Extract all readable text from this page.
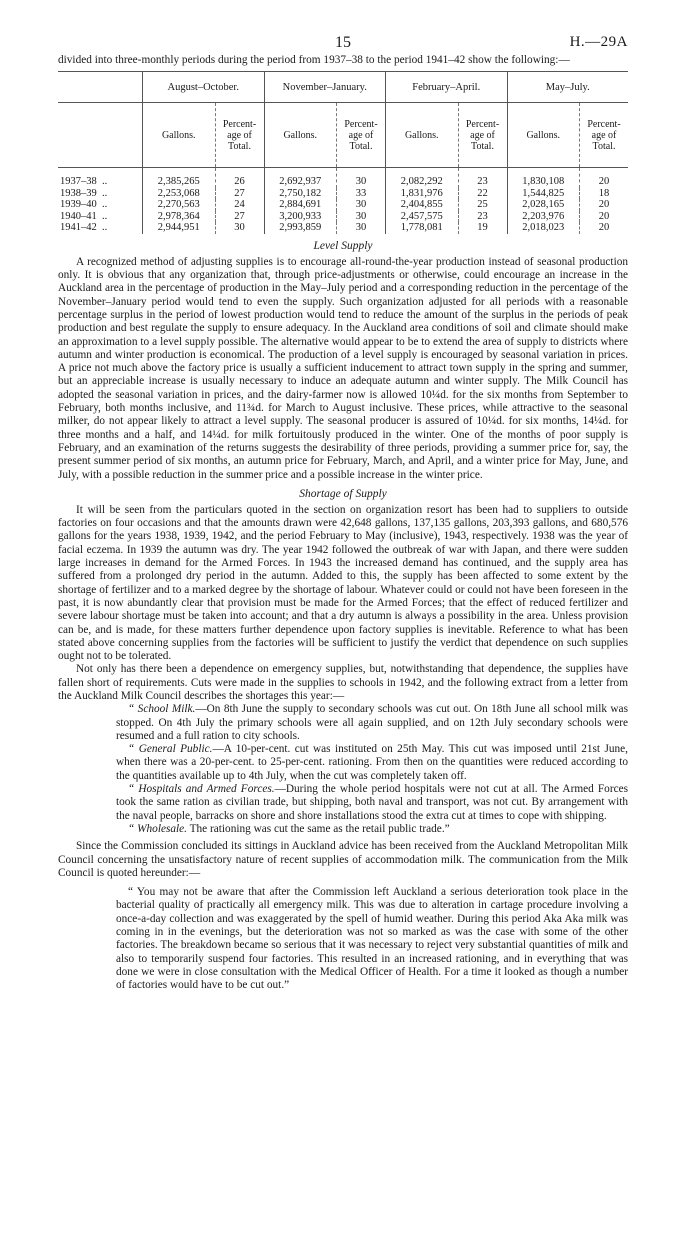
15	H.—29A

divided into three-monthly periods during the period from 1937–38 to the period 1941–42 show the following:—

	August–October.		November–January.		February–April.		May–July.	
	Gallons.	Percent-age of Total.	Gallons.	Percent-age of Total.	Gallons.	Percent-age of Total.	Gallons.	Percent-age of Total.
1937–38 ..	2,385,265	26	2,692,937	30	2,082,292	23	1,830,108	20
1938–39 ..	2,253,068	27	2,750,182	33	1,831,976	22	1,544,825	18
1939–40 ..	2,270,563	24	2,884,691	30	2,404,855	25	2,028,165	20
1940–41 ..	2,978,364	27	3,200,933	30	2,457,575	23	2,203,976	20
1941–42 ..	2,944,951	30	2,993,859	30	1,778,081	19	2,018,023	20
Level Supply

A recognized method of adjusting supplies is to encourage all-round-the-year production instead of seasonal production only. It is obvious that any organization that, through price-adjustments or otherwise, could encourage an increase in the Auckland area in the percentage of production in the May–July period and a corresponding reduction in the percentage of the November–January period would tend to even the supply. Such organization adjusted for all periods with a reasonable percentage surplus in the period of lowest production would tend to reduce the amount of the surplus in the periods of peak production and best regulate the supply to ensure adequacy. In the Auckland area conditions of soil and climate should make an approximation to a level supply possible. The alternative would appear to be to extend the area of supply to districts where autumn and winter production is economical. The production of a level supply is encouraged by seasonal variation in prices. A price not much above the factory price is usually a sufficient inducement to attract town supply in the spring and summer, but an appreciable increase is usually necessary to induce an adequate autumn and winter supply. The Milk Council has adopted the seasonal variation in prices, and the dairy-farmer now is allowed 10¼d. for the six months from September to February, both months inclusive, and 11¾d. for March to August inclusive. These prices, while attractive to the seasonal milker, do not appear likely to attract a level supply. The seasonal producer is assured of 10¼d. for six months, 14¼d. for three months and a half, and 14¼d. for milk fortuitously produced in the winter. One of the months of poor supply is February, and an examination of the returns suggests the desirability of three periods, providing a summer price for, say, the present summer period of six months, an autumn price for February, March, and April, and a winter price for May, June, and July, with a possible reduction in the summer price and a possible increase in the winter price.

Shortage of Supply

It will be seen from the particulars quoted in the section on organization resort has been had to suppliers to outside factories on four occasions and that the amounts drawn were 42,648 gallons, 137,135 gallons, 203,393 gallons, and 680,576 gallons for the years 1938, 1939, 1942, and the period February to May (inclusive), 1943, respectively. 1938 was the year of facial eczema. In 1939 the autumn was dry. The year 1942 followed the outbreak of war with Japan, and there were sudden large increases in demand for the Armed Forces. In 1943 the increased demand has continued, and the supply area has suffered from a prolonged dry period in the autumn. Added to this, the supply has been affected to some extent by the shortage of fertilizer and to a marked degree by the shortage of labour. Whatever could or could not have been foreseen in the past, it is now abundantly clear that provision must be made for the Armed Forces; that the effect of reduced fertilizer and severe labour shortage must be taken into account; and that a dry autumn is always a possibility in the area. Unless provision can be, and is made, for these matters further dependence upon factory supplies is inevitable. Reference to what has been stated above concerning supplies from the factories will be sufficient to justify the verdict that dependence on such supplies ought not to be tolerated.

Not only has there been a dependence on emergency supplies, but, notwithstanding that dependence, the supplies have fallen short of requirements. Cuts were made in the supplies to schools in 1942, and the following extract from a letter from the Auckland Milk Council describes the shortages this year:—

“ School Milk.—On 8th June the supply to secondary schools was cut out. On 18th June all school milk was stopped. On 4th July the primary schools were all again supplied, and on 12th July secondary schools were resumed and a full ration to city schools.

“ General Public.—A 10-per-cent. cut was instituted on 25th May. This cut was imposed until 21st June, when there was a 20-per-cent. to 25-per-cent. rationing. From then on the quantities were reduced according to the quantities available up to 4th July, when the cut was completely taken off.

“ Hospitals and Armed Forces.—During the whole period hospitals were not cut at all. The Armed Forces took the same ration as civilian trade, but shipping, both naval and transport, was not cut. By arrangement with the naval people, barracks on shore and shore installations stood the extra cut at times to cope with shipping.

“ Wholesale. The rationing was cut the same as the retail public trade.”

Since the Commission concluded its sittings in Auckland advice has been received from the Auckland Metropolitan Milk Council concerning the unsatisfactory nature of recent supplies of accommodation milk. The communication from the Milk Council is quoted hereunder:—

“ You may not be aware that after the Commission left Auckland a serious deterioration took place in the bacterial quality of practically all emergency milk. This was due to alteration in cartage procedure involving a once-a-day collection and was exaggerated by the spell of humid weather. During this period Aka Aka milk was coming in in the evenings, but the deterioration was not so marked as was the case with some of the other factories. The breakdown became so serious that it was necessary to reject very substantial quantities of milk and also to temporarily suspend four factories. This resulted in an increased rationing, and in everything that was done we were in close consultation with the Medical Officer of Health. For a time it looked as though a number of factories would have to be cut out.”
